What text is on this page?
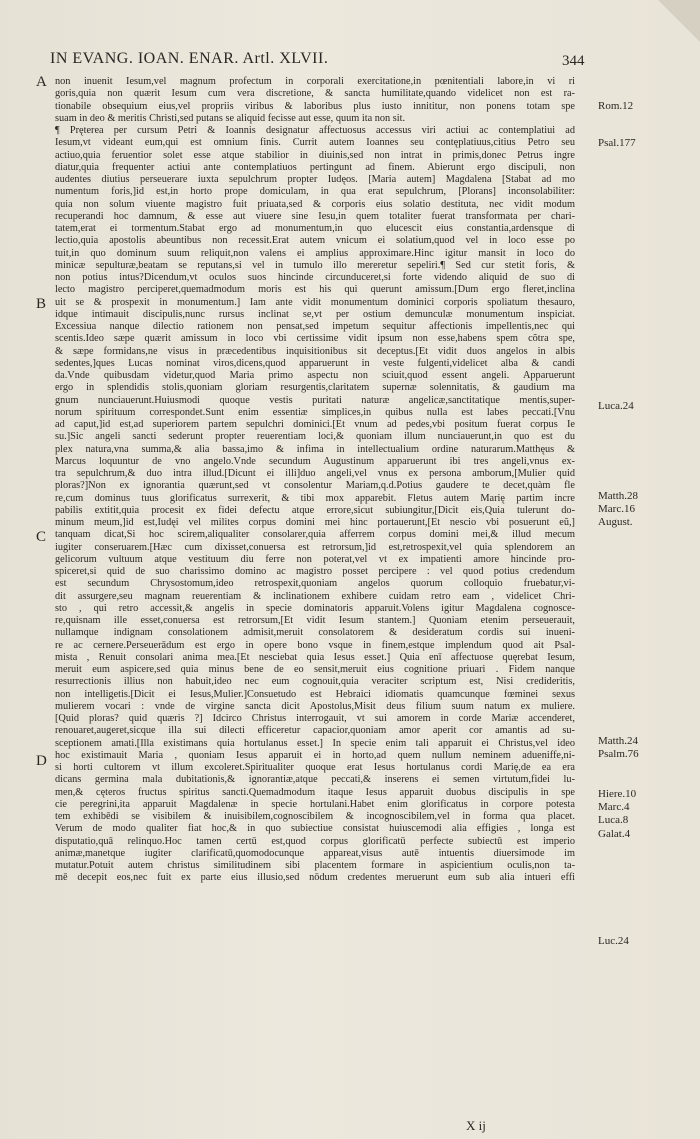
IN EVANG. IOAN. ENAR. Artl. XLVII.	344
A
B
C
D
Rom.12
Psal.177
Luca.24
Matth.28
Marc.16
August.
Matth.24
Psalm.76
Hiere.10
Marc.4
Luca.8
Galat.4
Luc.24
non inuenit Iesum,vel magnum profectum in corporali exercitatione,in pœnitentiali labore,in vi ri
goris,quia non quærit Iesum cum vera discretione, & sancta humilitate,quando videlicet non est ra-
tionabile obsequium eius,vel propriis viribus & laboribus plus iusto innititur, non ponens totam spe
suam in deo & meritis Christi,sed putans se aliquid fecisse aut esse, quum ita non sit.
¶ Pręterea per cursum Petri & Ioannis designatur affectuosus accessus viri actiui ac contemplatiui ad
Iesum,vt videant eum,qui est omnium finis. Currit autem Ioannes seu contęplatiuus,citius Petro seu
actiuo,quia feruentior solet esse atque stabilior in diuinis,sed non intrat in primis,donec Petrus ingre
diatur,quia frequenter actiui ante contemplatiuos pertingunt ad finem. Abierunt ergo discipuli, non
audentes diutius perseuerare iuxta sepulchrum propter Iudęos. [Maria autem] Magdalena [Stabat ad mo
numentum foris,]id est,in horto prope domiculam, in qua erat sepulchrum, [Plorans] inconsolabiliter:
quia non solum viuente magistro fuit priuata,sed & corporis eius solatio destituta, nec vidit modum
recuperandi hoc damnum, & esse aut viuere sine Iesu,in quem totaliter fuerat transformata per chari-
tatem,erat ei tormentum.Stabat ergo ad monumentum,in quo elucescit eius constantia,ardensque di
lectio,quia apostolis abeuntibus non recessit.Erat autem vnicum ei solatium,quod vel in loco esse po
tuit,in quo dominum suum reliquit,non valens ei amplius approximare.Hinc igitur mansit in loco do
minicæ sepulturæ,beatam se reputans,si vel in tumulo illo mereretur sepeliri.¶ Sed cur stetit foris, &
non potius intus?Dicendum,vt oculos suos hincinde circunduceret,si forte videndo aliquid de suo di
lecto magistro perciperet,quemadmodum moris est his qui querunt amissum.[Dum ergo fleret,inclina
uit se & prospexit in monumentum.] Iam ante vidit monumentum dominici corporis spoliatum thesauro,
idque intimauit discipulis,nunc rursus inclinat se,vt per ostium demunculæ monumentum inspiciat.
Excessiua nanque dilectio rationem non pensat,sed impetum sequitur affectionis impellentis,nec qui
scentis.Ideo sæpe quærit amissum in loco vbi certissime vidit ipsum non esse,habens spem cõtra spe,
& sæpe formidans,ne visus in præcedentibus inquisitionibus sit deceptus.[Et vidit duos angelos in albis
sedentes,]ques Lucas nominat viros,dicens,quod apparuerunt in veste fulgenti,videlicet alba & candi
da.Vnde quibusdam videtur,quod Maria primo aspectu non sciuit,quod essent angeli. Apparuerunt
ergo in splendidis stolis,quoniam gloriam resurgentis,claritatem supernæ solennitatis, & gaudium ma
gnum nunciauerunt.Huiusmodi quoque vestis puritati naturæ angelicæ,sanctitatique mentis,super-
norum spirituum correspondet.Sunt enim essentiæ simplices,in quibus nulla est labes peccati.[Vnu
ad caput,]id est,ad superiorem partem sepulchri dominici.[Et vnum ad pedes,vbi positum fuerat corpus Ie
su.]Sic angeli sancti sederunt propter reuerentiam loci,& quoniam illum nunciauerunt,in quo est du
plex natura,vna summa,& alia bassa,imo & infima in intellectualium ordine naturarum.Matthęus &
Marcus loquuntur de vno angelo.Vnde secundum Augustinum apparuerunt ibi tres angeli,vnus ex-
tra sepulchrum,& duo intra illud.[Dicunt ei illi]duo angeli,vel vnus ex persona amborum,[Mulier quid
ploras?]Non ex ignorantia quærunt,sed vt consolentur Mariam,q.d.Potius gaudere te decet,quàm fle
re,cum dominus tuus glorificatus surrexerit, & tibi mox apparebit. Fletus autem Marię partim incre
pabilis extitit,quia procesit ex fidei defectu atque errore,sicut subiungitur,[Dicit eis,Quia tulerunt do-
minum meum,]id est,Iudęi vel milites corpus domini mei hinc portauerunt,[Et nescio vbi posuerunt eũ,]
tanquam dicat,Si hoc scirem,aliqualiter consolarer,quia afferrem corpus domini mei,& illud mecum
iugiter conseruarem.[Hæc cum dixisset,conuersa est retrorsum,]id est,retrospexit,vel quia splendorem an
gelicorum vultuum atque vestituum diu ferre non poterat,vel vt ex impatienti amore hincinde pro-
spiceret,si quid de suo charissimo domino ac magistro posset percipere : vel quod potius credendum
est secundum Chrysostomum,ideo retrospexit,quoniam angelos quorum colloquio fruebatur,vi-
dit assurgere,seu magnam reuerentiam & inclinationem exhibere cuidam retro eam , videlicet Chri-
sto , qui retro accessit,& angelis in specie dominatoris apparuit.Volens igitur Magdalena cognosce-
re,quisnam ille esset,conuersa est retrorsum,[Et vidit Iesum stantem.] Quoniam etenim perseuerauit,
nullamque indignam consolationem admisit,meruit consolatorem & desideratum cordis sui inueni-
re ac cernere.Perseuerādum est ergo in opere bono vsque in finem,estque implendum quod ait Psal-
mista , Renuit consolari anima mea.[Et nesciebat quia Iesus esset.] Quia enī affectuose quęrebat Iesum,
meruit eum aspicere,sed quia minus bene de eo sensit,meruit eius cognitione priuari . Fidem nanque
resurrectionis illius non habuit,ideo nec eum cognouit,quia veraciter scriptum est, Nisi credideritis,
non intelligetis.[Dicit ei Iesus,Mulier.]Consuetudo est Hebraici idiomatis quamcunque fœminei sexus
mulierem vocari : vnde de virgine sancta dicit Apostolus,Misit deus filium suum natum ex muliere.
[Quid ploras? quid quæris ?] Idcirco Christus interrogauit, vt sui amorem in corde Mariæ accenderet,
renouaret,augeret,sicque illa sui dilecti efficeretur capacior,quoniam amor aperit cor amantis ad su-
sceptionem amati.[Illa existimans quia hortulanus esset.] In specie enim tali apparuit ei Christus,vel ideo
hoc existimauit Maria , quoniam Iesus apparuit ei in horto,ad quem nullum neminem adueniffe,ni-
si horti cultorem vt illum excoleret.Spiritualiter quoque erat Iesus hortulanus cordi Marię,de ea era
dicans germina mala dubitationis,& ignorantiæ,atque peccati,& inserens ei semen virtutum,fidei lu-
men,& cęteros fructus spiritus sancti.Quemadmodum itaque Iesus apparuit duobus discipulis in spe
cie peregrini,ita apparuit Magdalenæ in specie hortulani.Habet enim glorificatus in corpore potesta
tem exhibēdi se visibilem & inuisibilem,cognoscibilem & incognoscibilem,vel in forma qua placet.
Verum de modo qualiter fiat hoc,& in quo subiectiue consistat huiuscemodi alia effigies , longa est
disputatio,quā relinquo.Hoc tamen certū est,quod corpus glorificatū perfecte subiectū est imperio
animæ,manetque iugiter clarificatū,quomodocunque appareat,visus autē intuentis diuersimode im
mutatur.Potuit autem christus similitudinem sibi placentem formare in aspicientium oculis,non ta-
mē decepit eos,nec fuit ex parte eius illusio,sed nōdum credentes meruerunt eum sub alia intueri effi
X ij
